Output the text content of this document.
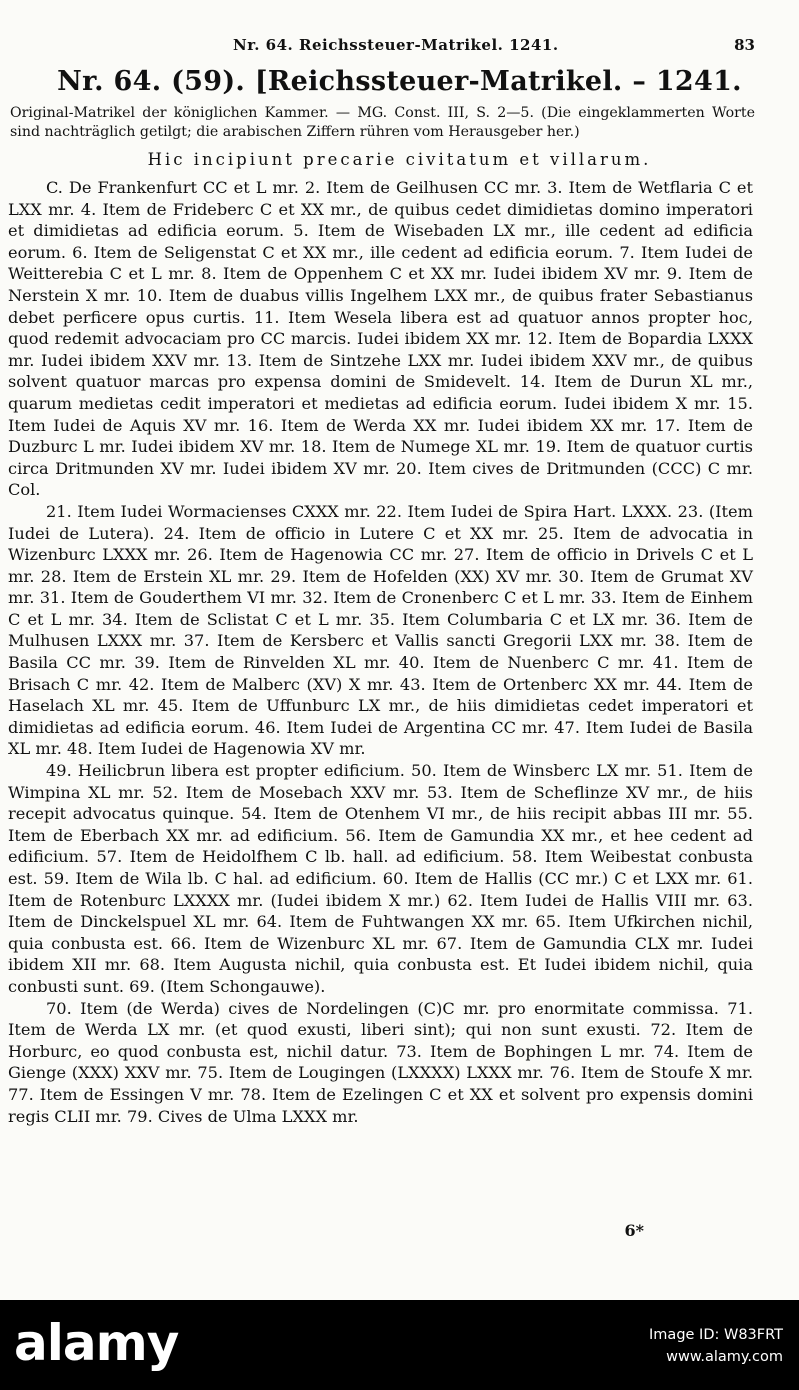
Nr. 64. Reichssteuer-Matrikel. 1241.	83
Nr. 64. (59). [Reichssteuer-Matrikel. – 1241.
Original-Matrikel der königlichen Kammer. — MG. Const. III, S. 2—5. (Die eingeklammerten Worte sind nachträglich getilgt; die arabischen Ziffern rühren vom Herausgeber her.)
Hic incipiunt precarie civitatum et villarum.

C. De Frankenfurt CC et L mr. 2. Item de Geilhusen CC mr. 3. Item de Wetflaria C et LXX mr. 4. Item de Frideberc C et XX mr., de quibus cedet dimidietas domino imperatori et dimidietas ad edificia eorum. 5. Item de Wisebaden LX mr., ille cedent ad edificia eorum. 6. Item de Seligenstat C et XX mr., ille cedent ad edificia eorum. 7. Item Iudei de Weitterebia C et L mr. 8. Item de Oppenhem C et XX mr. Iudei ibidem XV mr. 9. Item de Nerstein X mr. 10. Item de duabus villis Ingelhem LXX mr., de quibus frater Sebastianus debet perficere opus curtis. 11. Item Wesela libera est ad quatuor annos propter hoc, quod redemit advocaciam pro CC marcis. Iudei ibidem XX mr. 12. Item de Bopardia LXXX mr. Iudei ibidem XXV mr. 13. Item de Sintzehe LXX mr. Iudei ibidem XXV mr., de quibus solvent quatuor marcas pro expensa domini de Smidevelt. 14. Item de Durun XL mr., quarum medietas cedit imperatori et medietas ad edificia eorum. Iudei ibidem X mr. 15. Item Iudei de Aquis XV mr. 16. Item de Werda XX mr. Iudei ibidem XX mr. 17. Item de Duzburc L mr. Iudei ibidem XV mr. 18. Item de Numege XL mr. 19. Item de quatuor curtis circa Dritmunden XV mr. Iudei ibidem XV mr. 20. Item cives de Dritmunden (CCC) C mr. Col.

21. Item Iudei Wormacienses CXXX mr. 22. Item Iudei de Spira Hart. LXXX. 23. (Item Iudei de Lutera). 24. Item de officio in Lutere C et XX mr. 25. Item de advocatia in Wizenburc LXXX mr. 26. Item de Hagenowia CC mr. 27. Item de officio in Drivels C et L mr. 28. Item de Erstein XL mr. 29. Item de Hofelden (XX) XV mr. 30. Item de Grumat XV mr. 31. Item de Gouderthem VI mr. 32. Item de Cronenberc C et L mr. 33. Item de Einhem C et L mr. 34. Item de Sclistat C et L mr. 35. Item Columbaria C et LX mr. 36. Item de Mulhusen LXXX mr. 37. Item de Kersberc et Vallis sancti Gregorii LXX mr. 38. Item de Basila CC mr. 39. Item de Rinvelden XL mr. 40. Item de Nuenberc C mr. 41. Item de Brisach C mr. 42. Item de Malberc (XV) X mr. 43. Item de Ortenberc XX mr. 44. Item de Haselach XL mr. 45. Item de Uffunburc LX mr., de hiis dimidietas cedet imperatori et dimidietas ad edificia eorum. 46. Item Iudei de Argentina CC mr. 47. Item Iudei de Basila XL mr. 48. Item Iudei de Hagenowia XV mr.

49. Heilicbrun libera est propter edificium. 50. Item de Winsberc LX mr. 51. Item de Wimpina XL mr. 52. Item de Mosebach XXV mr. 53. Item de Scheflinze XV mr., de hiis recepit advocatus quinque. 54. Item de Otenhem VI mr., de hiis recipit abbas III mr. 55. Item de Eberbach XX mr. ad edificium. 56. Item de Gamundia XX mr., et hee cedent ad edificium. 57. Item de Heidolfhem C lb. hall. ad edificium. 58. Item Weibestat conbusta est. 59. Item de Wila lb. C hal. ad edificium. 60. Item de Hallis (CC mr.) C et LXX mr. 61. Item de Rotenburc LXXXX mr. (Iudei ibidem X mr.) 62. Item Iudei de Hallis VIII mr. 63. Item de Dinckelspuel XL mr. 64. Item de Fuhtwangen XX mr. 65. Item Ufkirchen nichil, quia conbusta est. 66. Item de Wizenburc XL mr. 67. Item de Gamundia CLX mr. Iudei ibidem XII mr. 68. Item Augusta nichil, quia conbusta est. Et Iudei ibidem nichil, quia conbusti sunt. 69. (Item Schongauwe).

70. Item (de Werda) cives de Nordelingen (C)C mr. pro enormitate commissa. 71. Item de Werda LX mr. (et quod exusti, liberi sint); qui non sunt exusti. 72. Item de Horburc, eo quod conbusta est, nichil datur. 73. Item de Bophingen L mr. 74. Item de Gienge (XXX) XXV mr. 75. Item de Lougingen (LXXXX) LXXX mr. 76. Item de Stoufe X mr. 77. Item de Essingen V mr. 78. Item de Ezelingen C et XX et solvent pro expensis domini regis CLII mr. 79. Cives de Ulma LXXX mr.

6*
alamy	Image ID: W83FRT
www.alamy.com
